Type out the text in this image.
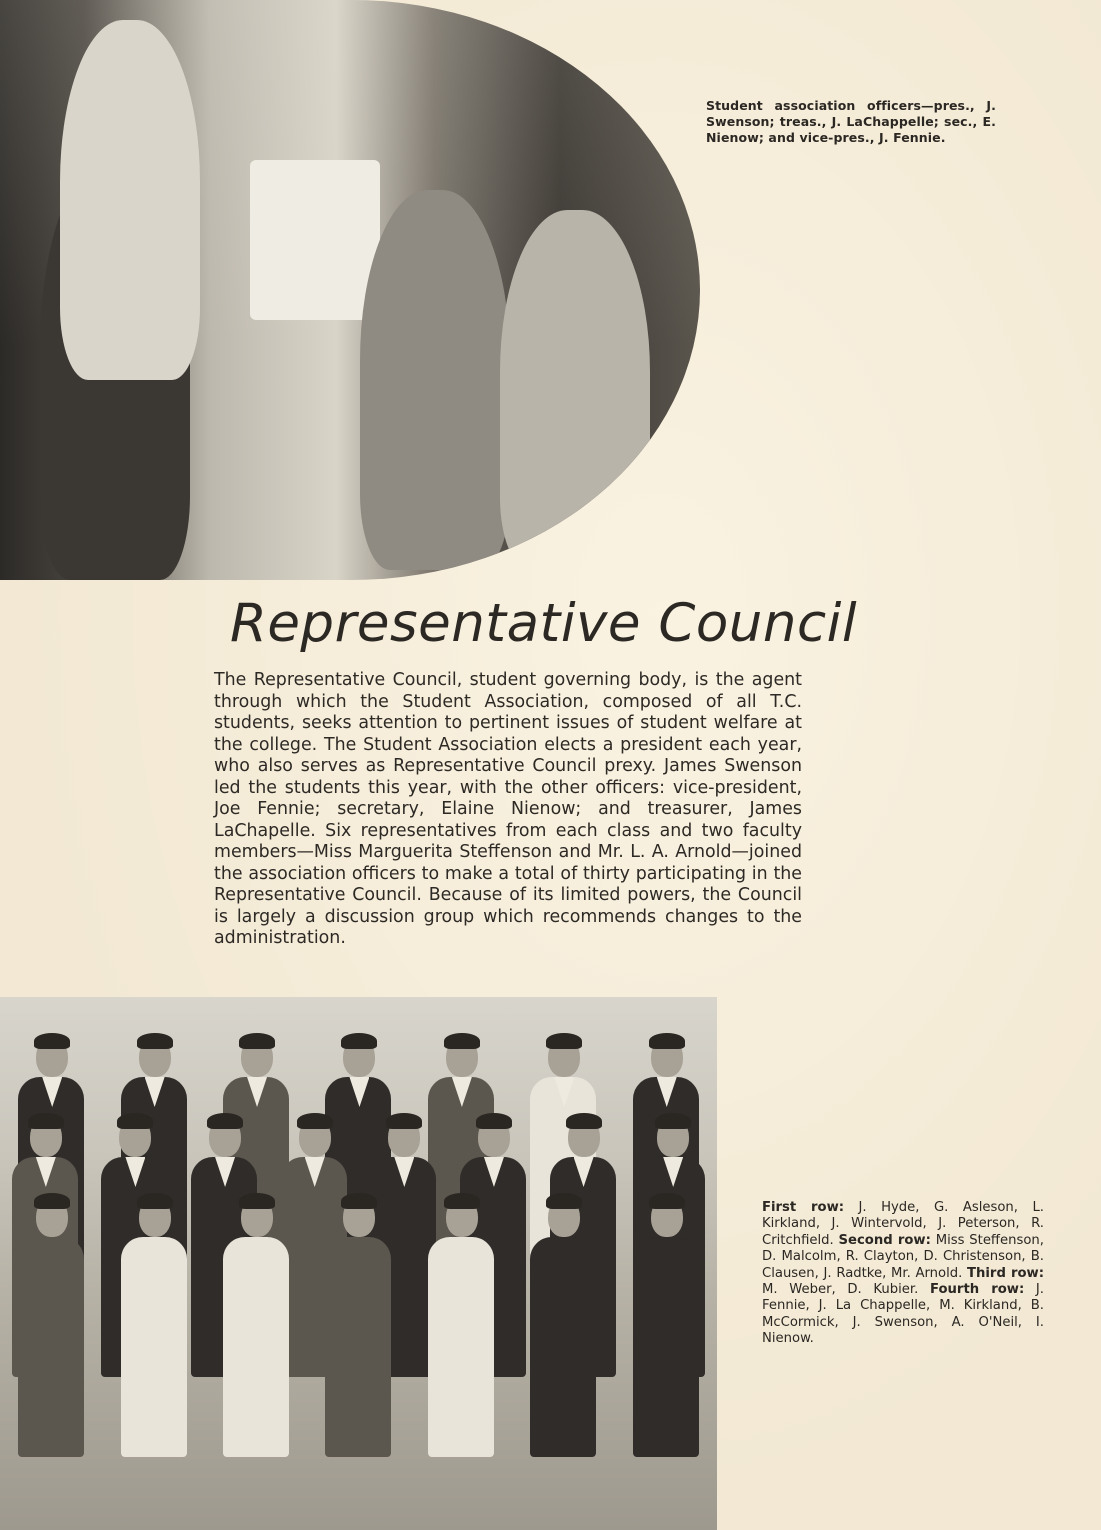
Student association officers—pres., J. Swenson; treas., J. LaChappelle; sec., E. Nienow; and vice-pres., J. Fennie.
Representative Council
The Representative Council, student governing body, is the agent through which the Student Association, composed of all T.C. students, seeks attention to pertinent issues of student welfare at the college. The Student Association elects a president each year, who also serves as Representative Council prexy. James Swenson led the students this year, with the other officers: vice-president, Joe Fennie; secretary, Elaine Nienow; and treasurer, James LaChapelle. Six representatives from each class and two faculty members—Miss Marguerita Steffenson and Mr. L. A. Arnold—joined the association officers to make a total of thirty participating in the Representative Council. Because of its limited powers, the Council is largely a discussion group which recommends changes to the administration.
First row: J. Hyde, G. Asleson, L. Kirkland, J. Wintervold, J. Peterson, R. Critchfield. Second row: Miss Steffenson, D. Malcolm, R. Clayton, D. Christenson, B. Clausen, J. Radtke, Mr. Arnold. Third row: M. Weber, D. Kubier. Fourth row: J. Fennie, J. La Chappelle, M. Kirkland, B. McCormick, J. Swenson, A. O'Neil, I. Nienow.
